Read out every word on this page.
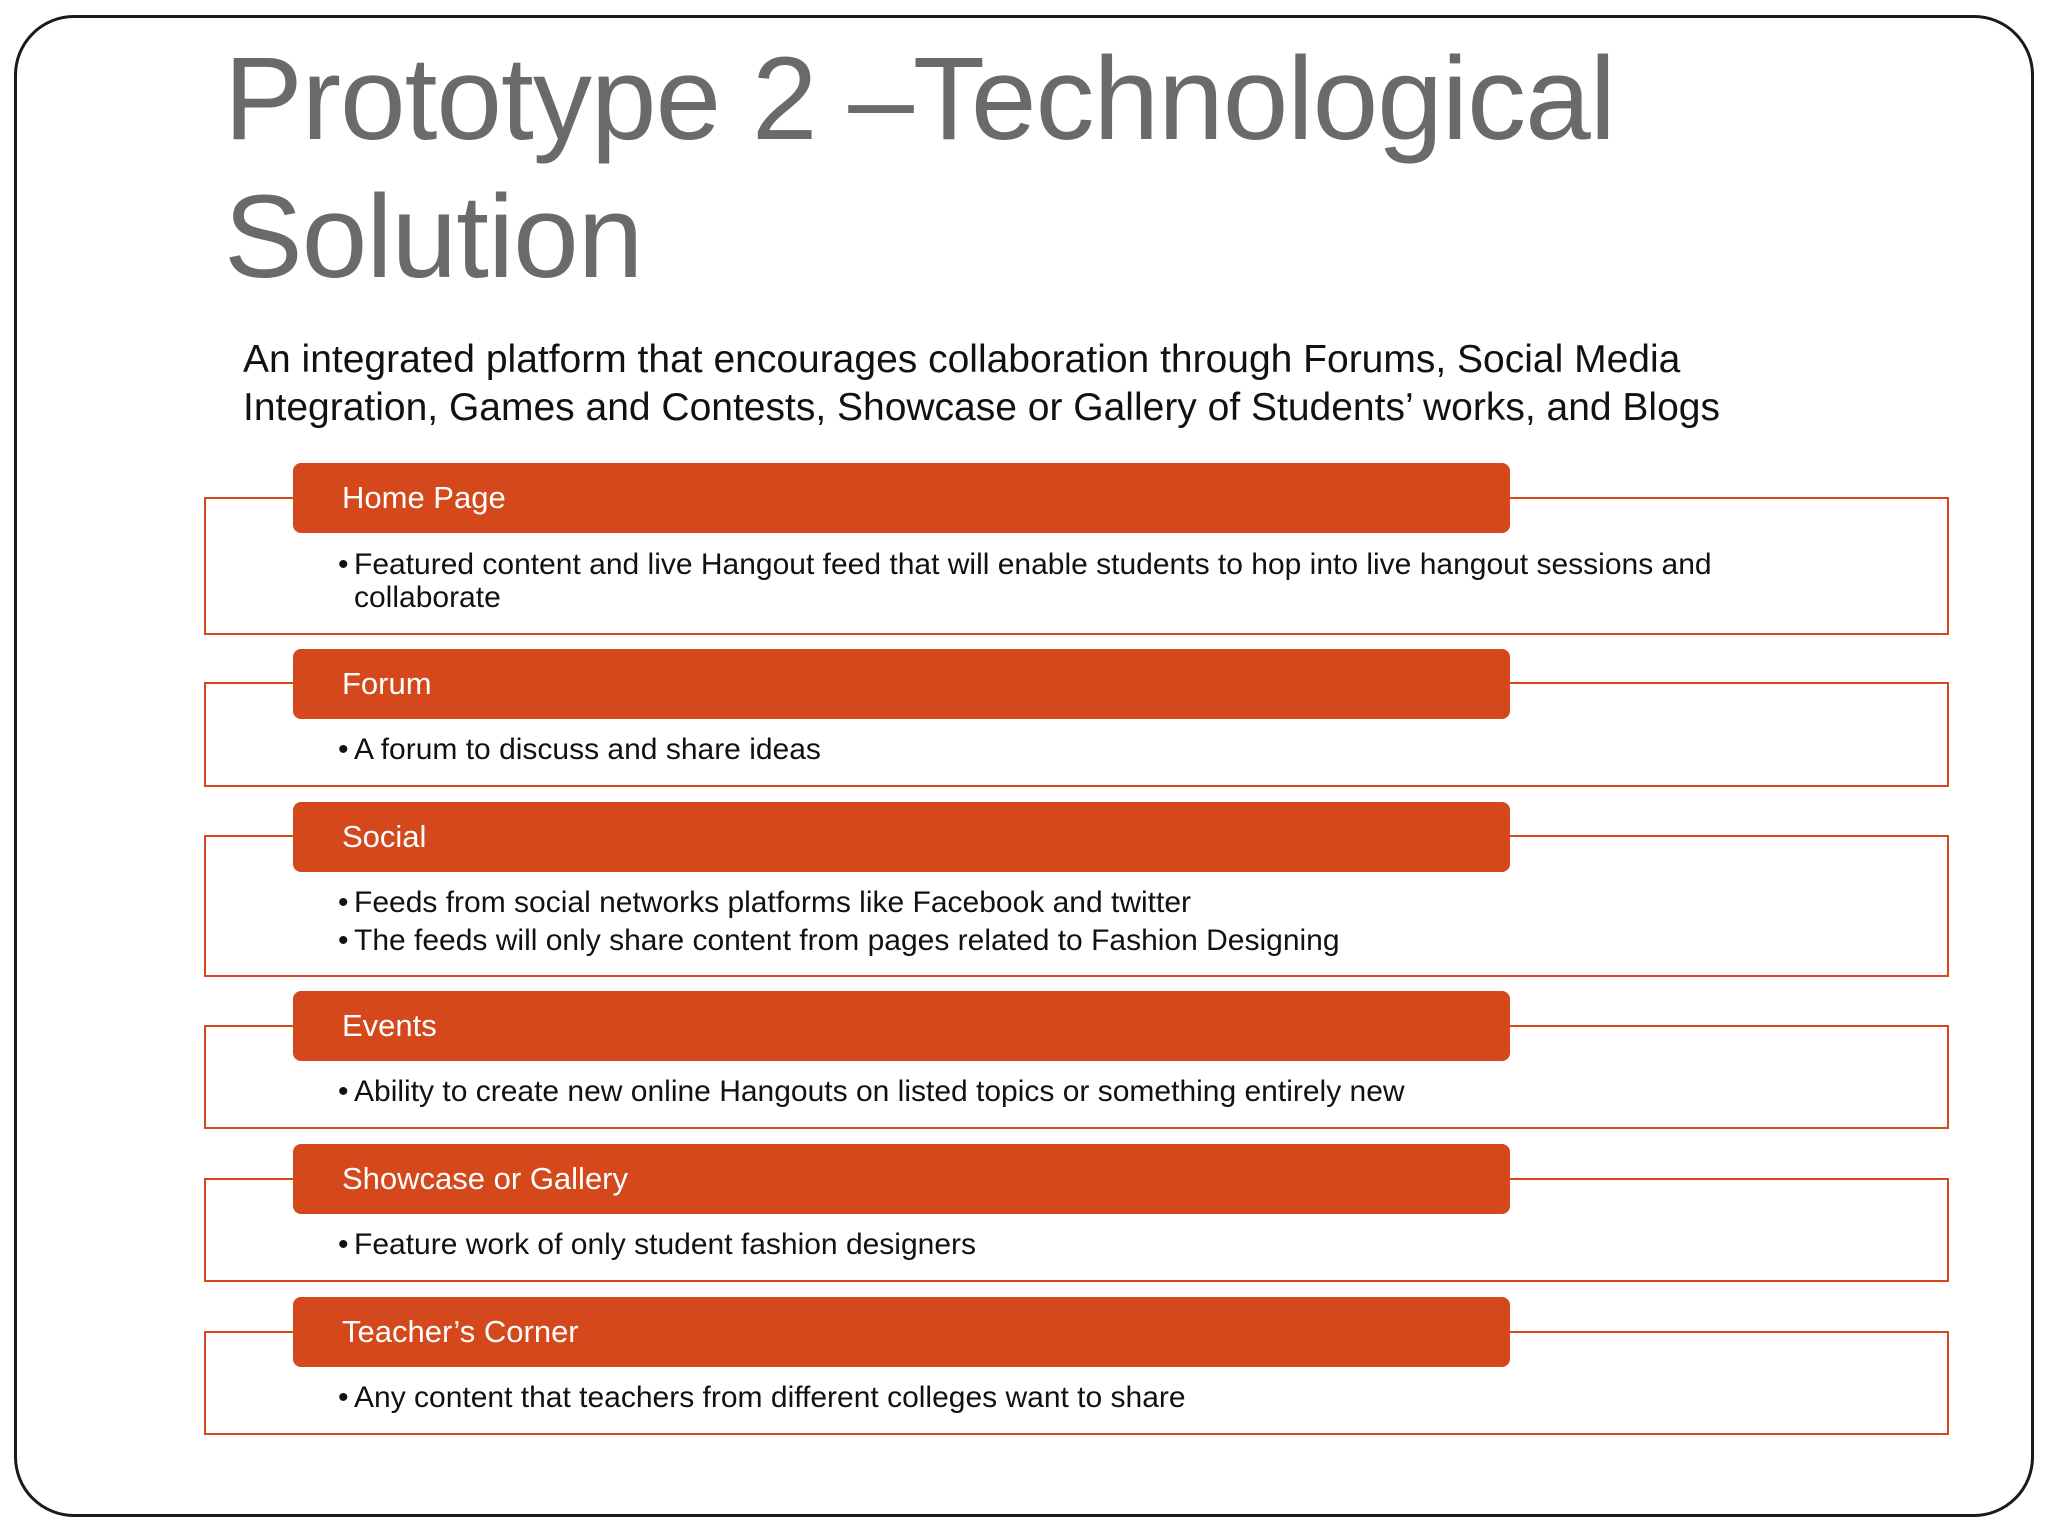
Prototype 2 –Technological Solution

An integrated platform that encourages collaboration through Forums, Social Media Integration, Games and Contests, Showcase or Gallery of Students’ works, and Blogs

Home Page
• Featured content and live Hangout feed that will enable students to hop into live hangout sessions and collaborate
Forum
• A forum to discuss and share ideas
Social
• Feeds from social networks platforms like Facebook and twitter
• The feeds will only share content from pages related to Fashion Designing
Events
• Ability to create new online Hangouts on listed topics or something entirely new
Showcase or Gallery
• Feature work of only student fashion designers
Teacher’s Corner
• Any content that teachers from different colleges want to share
